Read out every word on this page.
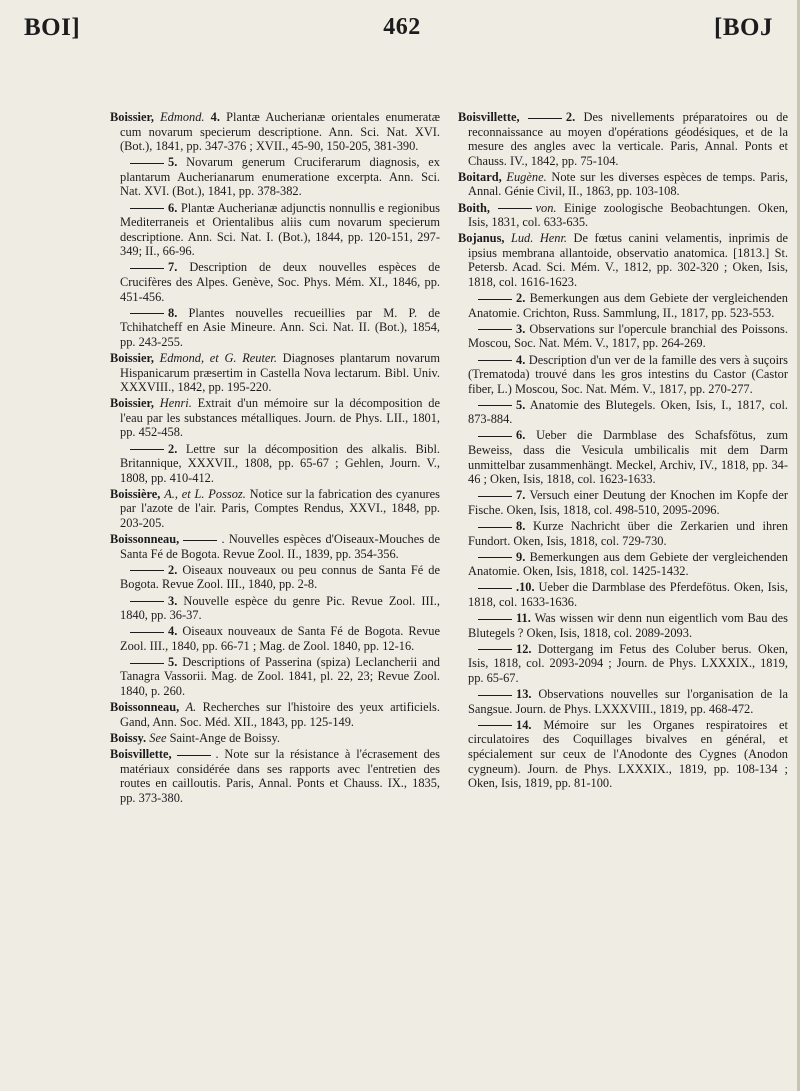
BOI]	462	[BOJ

Boissier, Edmond. 4. Plantæ Aucherianæ orientales enumeratæ cum novarum specierum descriptione. Ann. Sci. Nat. XVI. (Bot.), 1841, pp. 347-376 ; XVII., 45-90, 150-205, 381-390.

5. Novarum generum Cruciferarum diagnosis, ex plantarum Aucherianarum enumeratione excerpta. Ann. Sci. Nat. XVI. (Bot.), 1841, pp. 378-382.

6. Plantæ Aucherianæ adjunctis nonnullis e regionibus Mediterraneis et Orientalibus aliis cum novarum specierum descriptione. Ann. Sci. Nat. I. (Bot.), 1844, pp. 120-151, 297-349; II., 66-96.

7. Description de deux nouvelles espèces de Crucifères des Alpes. Genève, Soc. Phys. Mém. XI., 1846, pp. 451-456.

8. Plantes nouvelles recueillies par M. P. de Tchihatcheff en Asie Mineure. Ann. Sci. Nat. II. (Bot.), 1854, pp. 243-255.

Boissier, Edmond, et G. Reuter. Diagnoses plantarum novarum Hispanicarum præsertim in Castella Nova lectarum. Bibl. Univ. XXXVIII., 1842, pp. 195-220.

Boissier, Henri. Extrait d'un mémoire sur la décomposition de l'eau par les substances métalliques. Journ. de Phys. LII., 1801, pp. 452-458.

2. Lettre sur la décomposition des alkalis. Bibl. Britannique, XXXVII., 1808, pp. 65-67 ; Gehlen, Journ. V., 1808, pp. 410-412.

Boissière, A., et L. Possoz. Notice sur la fabrication des cyanures par l'azote de l'air. Paris, Comptes Rendus, XXVI., 1848, pp. 203-205.

Boissonneau,	. Nouvelles espèces d'Oiseaux-Mouches de Santa Fé de Bogota. Revue Zool. II., 1839, pp. 354-356.

2. Oiseaux nouveaux ou peu connus de Santa Fé de Bogota. Revue Zool. III., 1840, pp. 2-8.

3. Nouvelle espèce du genre Pic. Revue Zool. III., 1840, pp. 36-37.

4. Oiseaux nouveaux de Santa Fé de Bogota. Revue Zool. III., 1840, pp. 66-71 ; Mag. de Zool. 1840, pp. 12-16.

5. Descriptions of Passerina (spiza) Leclancherii and Tanagra Vassorii. Mag. de Zool. 1841, pl. 22, 23; Revue Zool. 1840, p. 260.

Boissonneau, A. Recherches sur l'histoire des yeux artificiels. Gand, Ann. Soc. Méd. XII., 1843, pp. 125-149.

Boissy. See Saint-Ange de Boissy.

Boisvillette,	. Note sur la résistance à l'écrasement des matériaux considérée dans ses rapports avec l'entretien des routes en cailloutis. Paris, Annal. Ponts et Chauss. IX., 1835, pp. 373-380.

Boisvillette,	2. Des nivellements préparatoires ou de reconnaissance au moyen d'opérations géodésiques, et de la mesure des angles avec la verticale. Paris, Annal. Ponts et Chauss. IV., 1842, pp. 75-104.

Boitard, Eugène. Note sur les diverses espèces de temps. Paris, Annal. Génie Civil, II., 1863, pp. 103-108.

Boith,	von. Einige zoologische Beobachtungen. Oken, Isis, 1831, col. 633-635.

Bojanus, Lud. Henr. De fœtus canini velamentis, inprimis de ipsius membrana allantoide, observatio anatomica. [1813.] St. Petersb. Acad. Sci. Mém. V., 1812, pp. 302-320 ; Oken, Isis, 1818, col. 1616-1623.

2. Bemerkungen aus dem Gebiete der vergleichenden Anatomie. Crichton, Russ. Sammlung, II., 1817, pp. 523-553.

3. Observations sur l'opercule branchial des Poissons. Moscou, Soc. Nat. Mém. V., 1817, pp. 264-269.

4. Description d'un ver de la famille des vers à suçoirs (Trematoda) trouvé dans les gros intestins du Castor (Castor fiber, L.) Moscou, Soc. Nat. Mém. V., 1817, pp. 270-277.

5. Anatomie des Blutegels. Oken, Isis, I., 1817, col. 873-884.

6. Ueber die Darmblase des Schafsfötus, zum Beweiss, dass die Vesicula umbilicalis mit dem Darm unmittelbar zusammenhängt. Meckel, Archiv, IV., 1818, pp. 34-46 ; Oken, Isis, 1818, col. 1623-1633.

7. Versuch einer Deutung der Knochen im Kopfe der Fische. Oken, Isis, 1818, col. 498-510, 2095-2096.

8. Kurze Nachricht über die Zerkarien und ihren Fundort. Oken, Isis, 1818, col. 729-730.

9. Bemerkungen aus dem Gebiete der vergleichenden Anatomie. Oken, Isis, 1818, col. 1425-1432.

.10. Ueber die Darmblase des Pferdefötus. Oken, Isis, 1818, col. 1633-1636.

11. Was wissen wir denn nun eigentlich vom Bau des Blutegels ? Oken, Isis, 1818, col. 2089-2093.

12. Dottergang im Fetus des Coluber berus. Oken, Isis, 1818, col. 2093-2094 ; Journ. de Phys. LXXXIX., 1819, pp. 65-67.

13. Observations nouvelles sur l'organisation de la Sangsue. Journ. de Phys. LXXXVIII., 1819, pp. 468-472.

14. Mémoire sur les Organes respiratoires et circulatoires des Coquillages bivalves en général, et spécialement sur ceux de l'Anodonte des Cygnes (Anodon cygneum). Journ. de Phys. LXXXIX., 1819, pp. 108-134 ; Oken, Isis, 1819, pp. 81-100.
